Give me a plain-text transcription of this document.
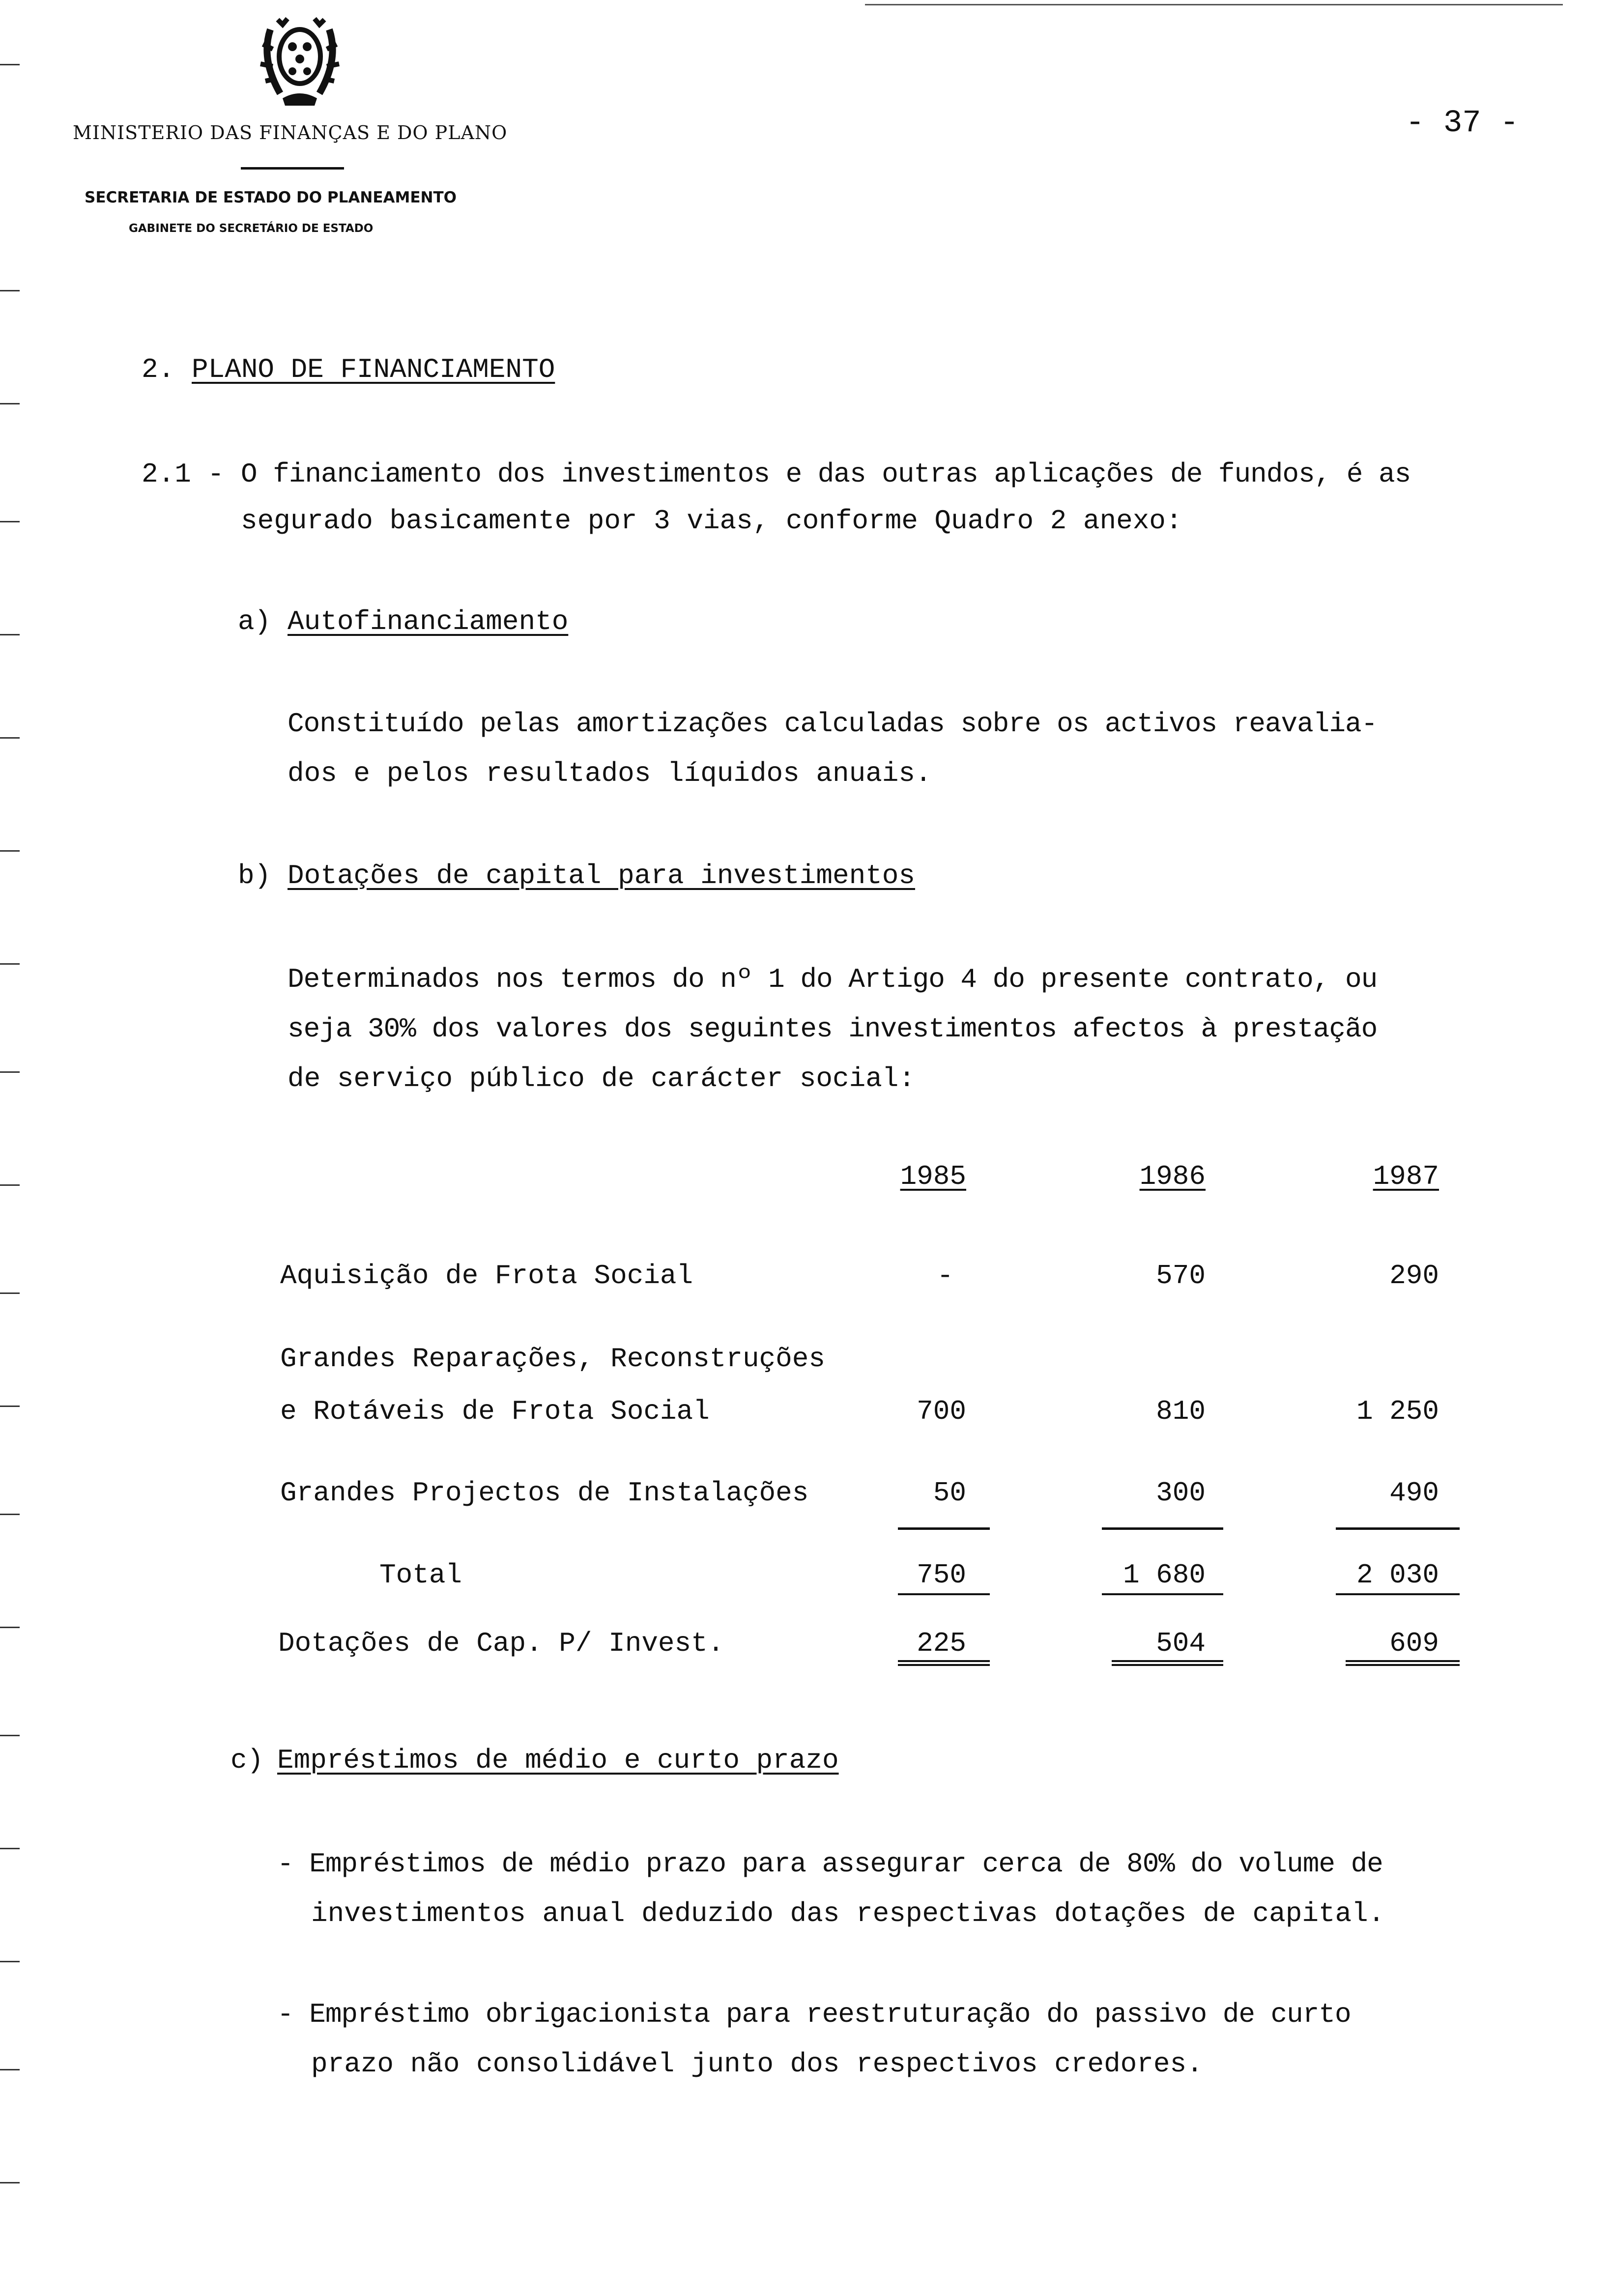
MINISTERIO DAS FINANÇAS E DO PLANO	- 37 -
SECRETARIA DE ESTADO DO PLANEAMENTO
GABINETE DO SECRETÁRIO DE ESTADO
2. PLANO DE FINANCIAMENTO
2.1 - O financiamento dos investimentos e das outras aplicações de fundos, é as
segurado basicamente por 3 vias, conforme Quadro 2 anexo:
a) Autofinanciamento
Constituído pelas amortizações calculadas sobre os activos reavalia-
dos e pelos resultados líquidos anuais.
b) Dotações de capital para investimentos
Determinados nos termos do nº 1 do Artigo 4 do presente contrato, ou
seja 30% dos valores dos seguintes investimentos afectos à prestação
de serviço público de carácter social:
1985	1986	1987
Aquisição de Frota Social	-	570	290
Grandes Reparações, Reconstruções
e Rotáveis de Frota Social	700	810	1 250
Grandes Projectos de Instalações	50	300	490
Total	750	1 680	2 030
Dotações de Cap. P/ Invest.	225	504	609
c) Empréstimos de médio e curto prazo
- Empréstimos de médio prazo para assegurar cerca de 80% do volume de
investimentos anual deduzido das respectivas dotações de capital.
- Empréstimo obrigacionista para reestruturação do passivo de curto
prazo não consolidável junto dos respectivos credores.
